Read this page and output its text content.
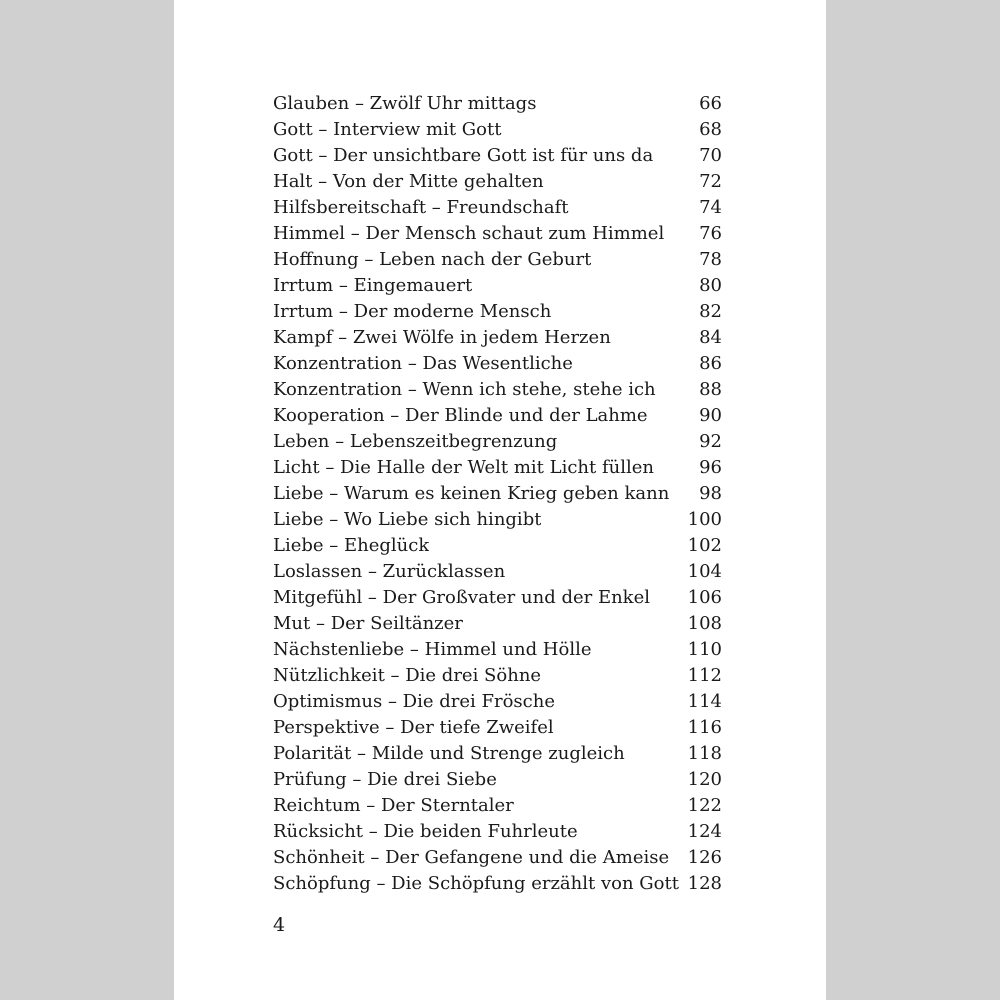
Glauben – Zwölf Uhr mittags	66
Gott – Interview mit Gott	68
Gott – Der unsichtbare Gott ist für uns da	70
Halt – Von der Mitte gehalten	72
Hilfsbereitschaft – Freundschaft	74
Himmel – Der Mensch schaut zum Himmel	76
Hoffnung – Leben nach der Geburt	78
Irrtum – Eingemauert	80
Irrtum – Der moderne Mensch	82
Kampf – Zwei Wölfe in jedem Herzen	84
Konzentration – Das Wesentliche	86
Konzentration – Wenn ich stehe, stehe ich	88
Kooperation – Der Blinde und der Lahme	90
Leben – Lebenszeitbegrenzung	92
Licht – Die Halle der Welt mit Licht füllen	96
Liebe – Warum es keinen Krieg geben kann	98
Liebe – Wo Liebe sich hingibt	100
Liebe – Eheglück	102
Loslassen – Zurücklassen	104
Mitgefühl – Der Großvater und der Enkel	106
Mut – Der Seiltänzer	108
Nächstenliebe – Himmel und Hölle	110
Nützlichkeit – Die drei Söhne	112
Optimismus – Die drei Frösche	114
Perspektive – Der tiefe Zweifel	116
Polarität – Milde und Strenge zugleich	118
Prüfung – Die drei Siebe	120
Reichtum – Der Sterntaler	122
Rücksicht – Die beiden Fuhrleute	124
Schönheit – Der Gefangene und die Ameise	126
Schöpfung – Die Schöpfung erzählt von Gott 128
4
